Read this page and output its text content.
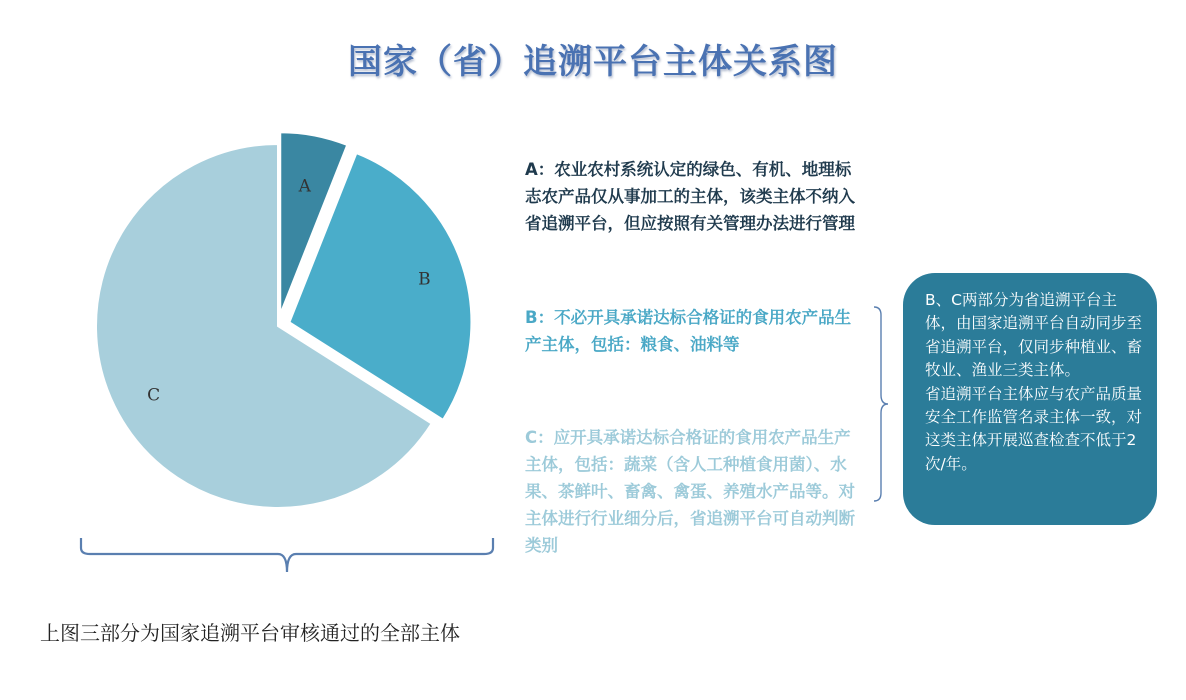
国家（省）追溯平台主体关系图
A
B
C
A：农业农村系统认定的绿色、有机、地理标志农产品仅从事加工的主体，该类主体不纳入省追溯平台，但应按照有关管理办法进行管理
B：不必开具承诺达标合格证的食用农产品生产主体，包括：粮食、油料等
C：应开具承诺达标合格证的食用农产品生产主体，包括：蔬菜（含人工种植食用菌）、水果、茶鲜叶、畜禽、禽蛋、养殖水产品等。对主体进行行业细分后，省追溯平台可自动判断类别
B、C两部分为省追溯平台主体，由国家追溯平台自动同步至省追溯平台，仅同步种植业、畜牧业、渔业三类主体。
省追溯平台主体应与农产品质量安全工作监管名录主体一致，对这类主体开展巡查检查不低于2次/年。
上图三部分为国家追溯平台审核通过的全部主体
